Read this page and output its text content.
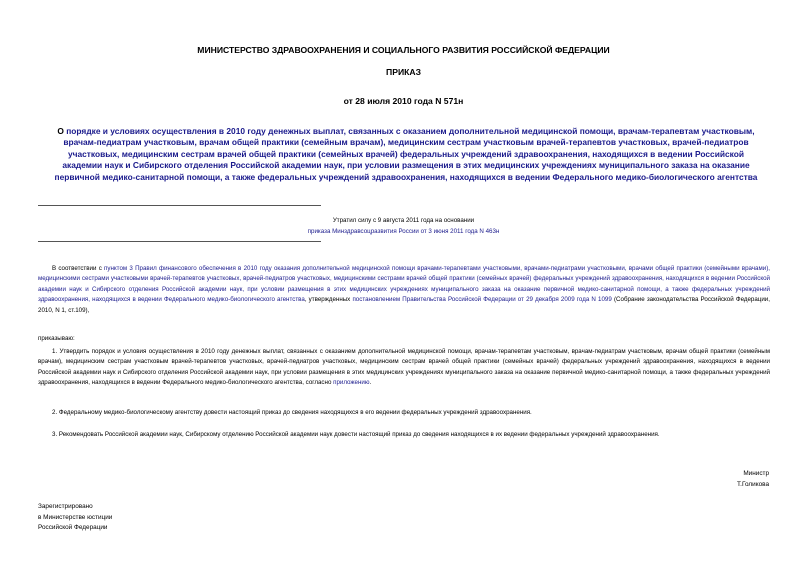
МИНИСТЕРСТВО ЗДРАВООХРАНЕНИЯ И СОЦИАЛЬНОГО РАЗВИТИЯ РОССИЙСКОЙ ФЕДЕРАЦИИ
ПРИКАЗ
от 28 июля 2010 года N 571н
О порядке и условиях осуществления в 2010 году денежных выплат, связанных с оказанием дополнительной медицинской помощи, врачам-терапевтам участковым, врачам-педиатрам участковым, врачам общей практики (семейным врачам), медицинским сестрам участковым врачей-терапевтов участковых, врачей-педиатров участковых, медицинским сестрам врачей общей практики (семейных врачей) федеральных учреждений здравоохранения, находящихся в ведении Российской академии наук и Сибирского отделения Российской академии наук, при условии размещения в этих медицинских учреждениях муниципального заказа на оказание первичной медико-санитарной помощи, а также федеральных учреждений здравоохранения, находящихся в ведении Федерального медико-биологического агентства
Утратил силу с 9 августа 2011 года на основании
приказа Минздравсоцразвития России от 3 июня 2011 года N 463н
В соответствии с пунктом 3 Правил финансового обеспечения в 2010 году оказания дополнительной медицинской помощи врачами-терапевтами участковыми, врачами-педиатрами участковыми, врачами общей практики (семейными врачами), медицинскими сестрами участковыми врачей-терапевтов участковых, врачей-педиатров участковых, медицинскими сестрами врачей общей практики (семейных врачей) федеральных учреждений здравоохранения, находящихся в ведении Российской академии наук и Сибирского отделения Российской академии наук, при условии размещения в этих медицинских учреждениях муниципального заказа на оказание первичной медико-санитарной помощи, а также федеральных учреждений здравоохранения, находящихся в ведении Федерального медико-биологического агентства, утвержденных постановлением Правительства Российской Федерации от 29 декабря 2009 года N 1099 (Собрание законодательства Российской Федерации, 2010, N 1, ст.109),
приказываю:
1. Утвердить порядок и условия осуществления в 2010 году денежных выплат, связанных с оказанием дополнительной медицинской помощи, врачам-терапевтам участковым, врачам-педиатрам участковым, врачам общей практики (семейным врачам), медицинским сестрам участковым врачей-терапевтов участковых, врачей-педиатров участковых, медицинским сестрам врачей общей практики (семейных врачей) федеральных учреждений здравоохранения, находящихся в ведении Российской академии наук и Сибирского отделения Российской академии наук, при условии размещения в этих медицинских учреждениях муниципального заказа на оказание первичной медико-санитарной помощи, а также федеральных учреждений здравоохранения, находящихся в ведении Федерального медико-биологического агентства, согласно приложению.
2. Федеральному медико-биологическому агентству довести настоящий приказ до сведения находящихся в его ведении федеральных учреждений здравоохранения.
3. Рекомендовать Российской академии наук, Сибирскому отделению Российской академии наук довести настоящий приказ до сведения находящихся в их ведении федеральных учреждений здравоохранения.
Министр
Т.Голикова
Зарегистрировано
в Министерстве юстиции
Российской Федерации
